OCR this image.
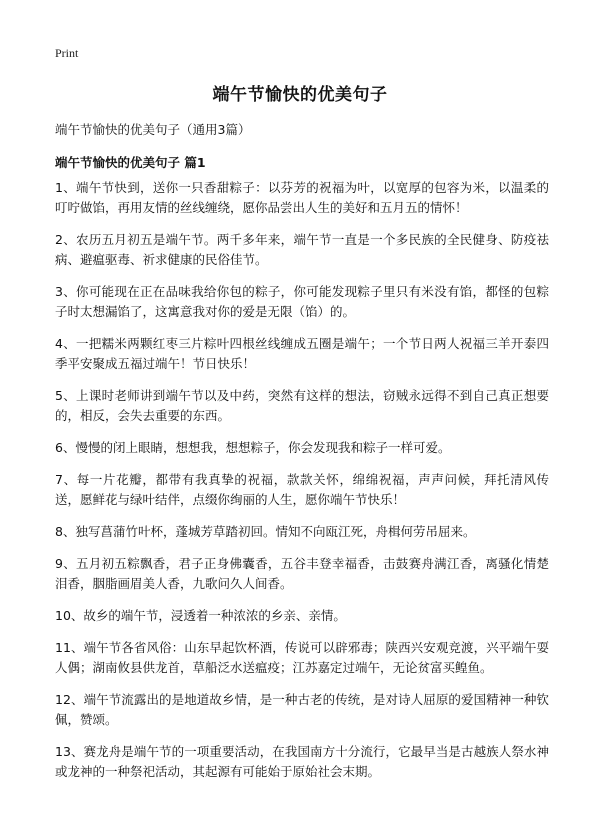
Print
端午节愉快的优美句子

端午节愉快的优美句子（通用3篇）

端午节愉快的优美句子 篇1
1、端午节快到，送你一只香甜粽子：以芬芳的祝福为叶，以宽厚的包容为米，以温柔的叮咛做馅，再用友情的丝线缠绕，愿你品尝出人生的美好和五月五的情怀！
2、农历五月初五是端午节。两千多年来，端午节一直是一个多民族的全民健身、防疫祛病、避瘟驱毒、祈求健康的民俗佳节。
3、你可能现在正在品味我给你包的粽子，你可能发现粽子里只有米没有馅，都怪的包粽子时太想漏馅了，这寓意我对你的爱是无限（馅）的。
4、一把糯米两颗红枣三片粽叶四根丝线缠成五圈是端午；一个节日两人祝福三羊开泰四季平安聚成五福过端午！节日快乐！
5、上课时老师讲到端午节以及中药，突然有这样的想法，窃贼永远得不到自己真正想要的，相反，会失去重要的东西。
6、慢慢的闭上眼睛，想想我，想想粽子，你会发现我和粽子一样可爱。
7、每一片花瓣，都带有我真挚的祝福，款款关怀，绵绵祝福，声声问候，拜托清风传送，愿鲜花与绿叶结伴，点缀你绚丽的人生，愿你端午节快乐！
8、独写菖蒲竹叶杯，蓬城芳草踏初回。情知不向瓯江死，舟楫何劳吊屈来。
9、五月初五粽飘香，君子正身佛囊香，五谷丰登幸福香，击鼓赛舟满江香，离骚化情楚泪香，胭脂画眉美人香，九歌问久人间香。
10、故乡的端午节，浸透着一种浓浓的乡亲、亲情。
11、端午节各省风俗：山东早起饮杯酒，传说可以辟邪毒；陕西兴安观竞渡，兴平端午耍人偶；湖南攸县供龙首，草船泛水送瘟疫；江苏嘉定过端午，无论贫富买鳇鱼。
12、端午节流露出的是地道故乡情，是一种古老的传统，是对诗人屈原的爱国精神一种钦佩，赞颂。
13、赛龙舟是端午节的一项重要活动，在我国南方十分流行，它最早当是古越族人祭水神或龙神的一种祭祀活动，其起源有可能始于原始社会末期。
